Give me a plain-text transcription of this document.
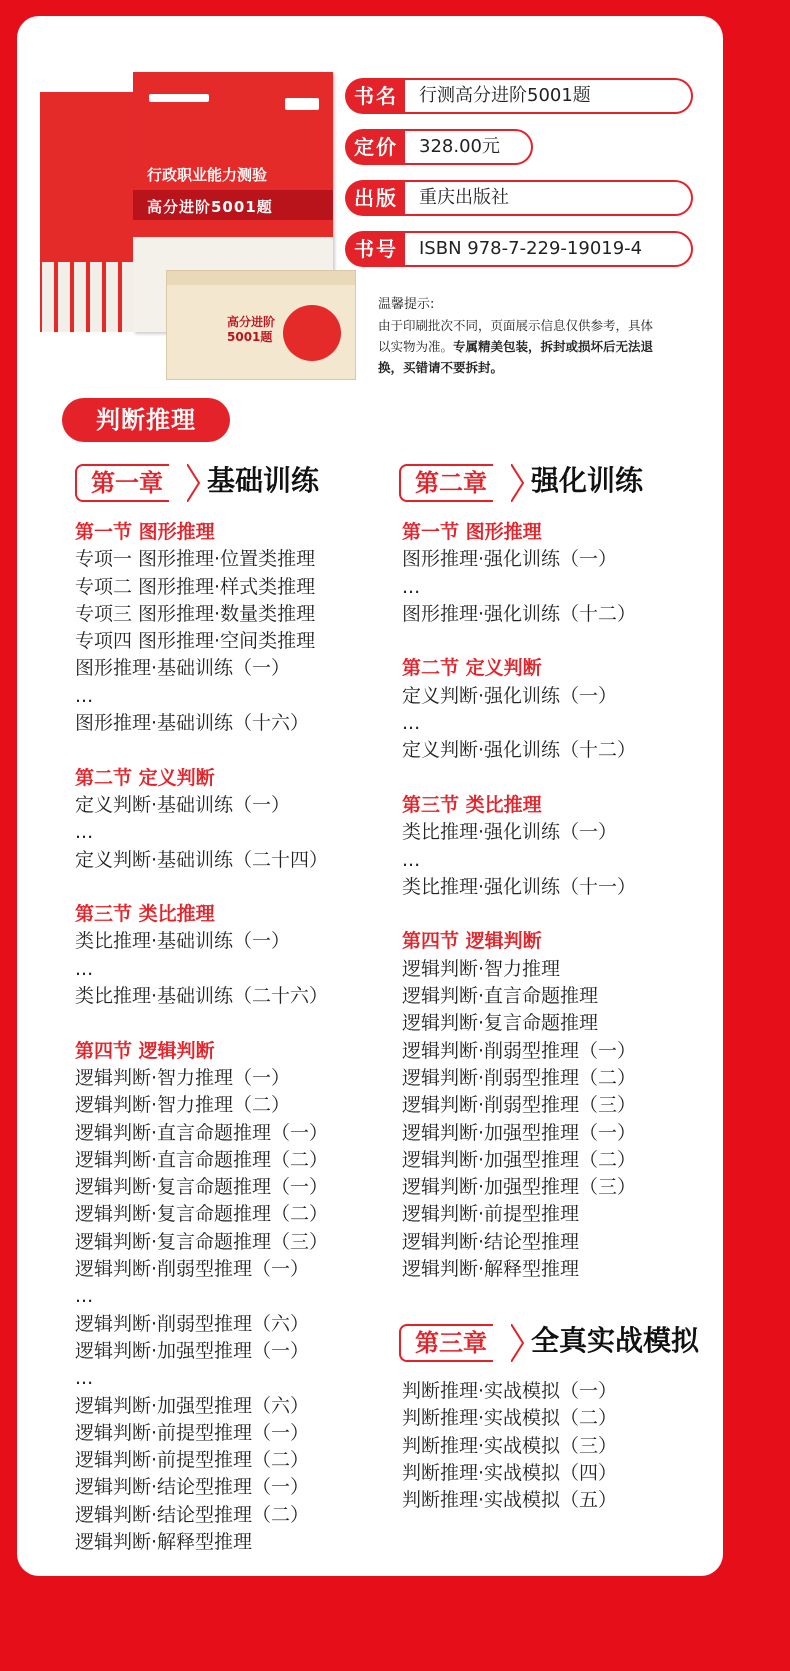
行政职业能力测验
高分进阶5001题
高分进阶 5001题
书名	行测高分进阶5001题
定价	328.00元
出版	重庆出版社
书号	ISBN 978-7-229-19019-4
温馨提示:
由于印刷批次不同，页面展示信息仅供参考，具体
以实物为准。专属精美包装，拆封或损坏后无法退
换，买错请不要拆封。
判断推理
第一章 基础训练	第二章 强化训练
第三章 全真实战模拟
第一节 图形推理
专项一 图形推理·位置类推理
专项二 图形推理·样式类推理
专项三 图形推理·数量类推理
专项四 图形推理·空间类推理
图形推理·基础训练（一）
...
图形推理·基础训练（十六）
第二节 定义判断
定义判断·基础训练（一）
...
定义判断·基础训练（二十四）
第三节 类比推理
类比推理·基础训练（一）
...
类比推理·基础训练（二十六）
第四节 逻辑判断
逻辑判断·智力推理（一）
逻辑判断·智力推理（二）
逻辑判断·直言命题推理（一）
逻辑判断·直言命题推理（二）
逻辑判断·复言命题推理（一）
逻辑判断·复言命题推理（二）
逻辑判断·复言命题推理（三）
逻辑判断·削弱型推理（一）
...
逻辑判断·削弱型推理（六）
逻辑判断·加强型推理（一）
...
逻辑判断·加强型推理（六）
逻辑判断·前提型推理（一）
逻辑判断·前提型推理（二）
逻辑判断·结论型推理（一）
逻辑判断·结论型推理（二）
逻辑判断·解释型推理
第一节 图形推理
图形推理·强化训练（一）
...
图形推理·强化训练（十二）
第二节 定义判断
定义判断·强化训练（一）
...
定义判断·强化训练（十二）
第三节 类比推理
类比推理·强化训练（一）
...
类比推理·强化训练（十一）
第四节 逻辑判断
逻辑判断·智力推理
逻辑判断·直言命题推理
逻辑判断·复言命题推理
逻辑判断·削弱型推理（一）
逻辑判断·削弱型推理（二）
逻辑判断·削弱型推理（三）
逻辑判断·加强型推理（一）
逻辑判断·加强型推理（二）
逻辑判断·加强型推理（三）
逻辑判断·前提型推理
逻辑判断·结论型推理
逻辑判断·解释型推理
判断推理·实战模拟（一）
判断推理·实战模拟（二）
判断推理·实战模拟（三）
判断推理·实战模拟（四）
判断推理·实战模拟（五）
